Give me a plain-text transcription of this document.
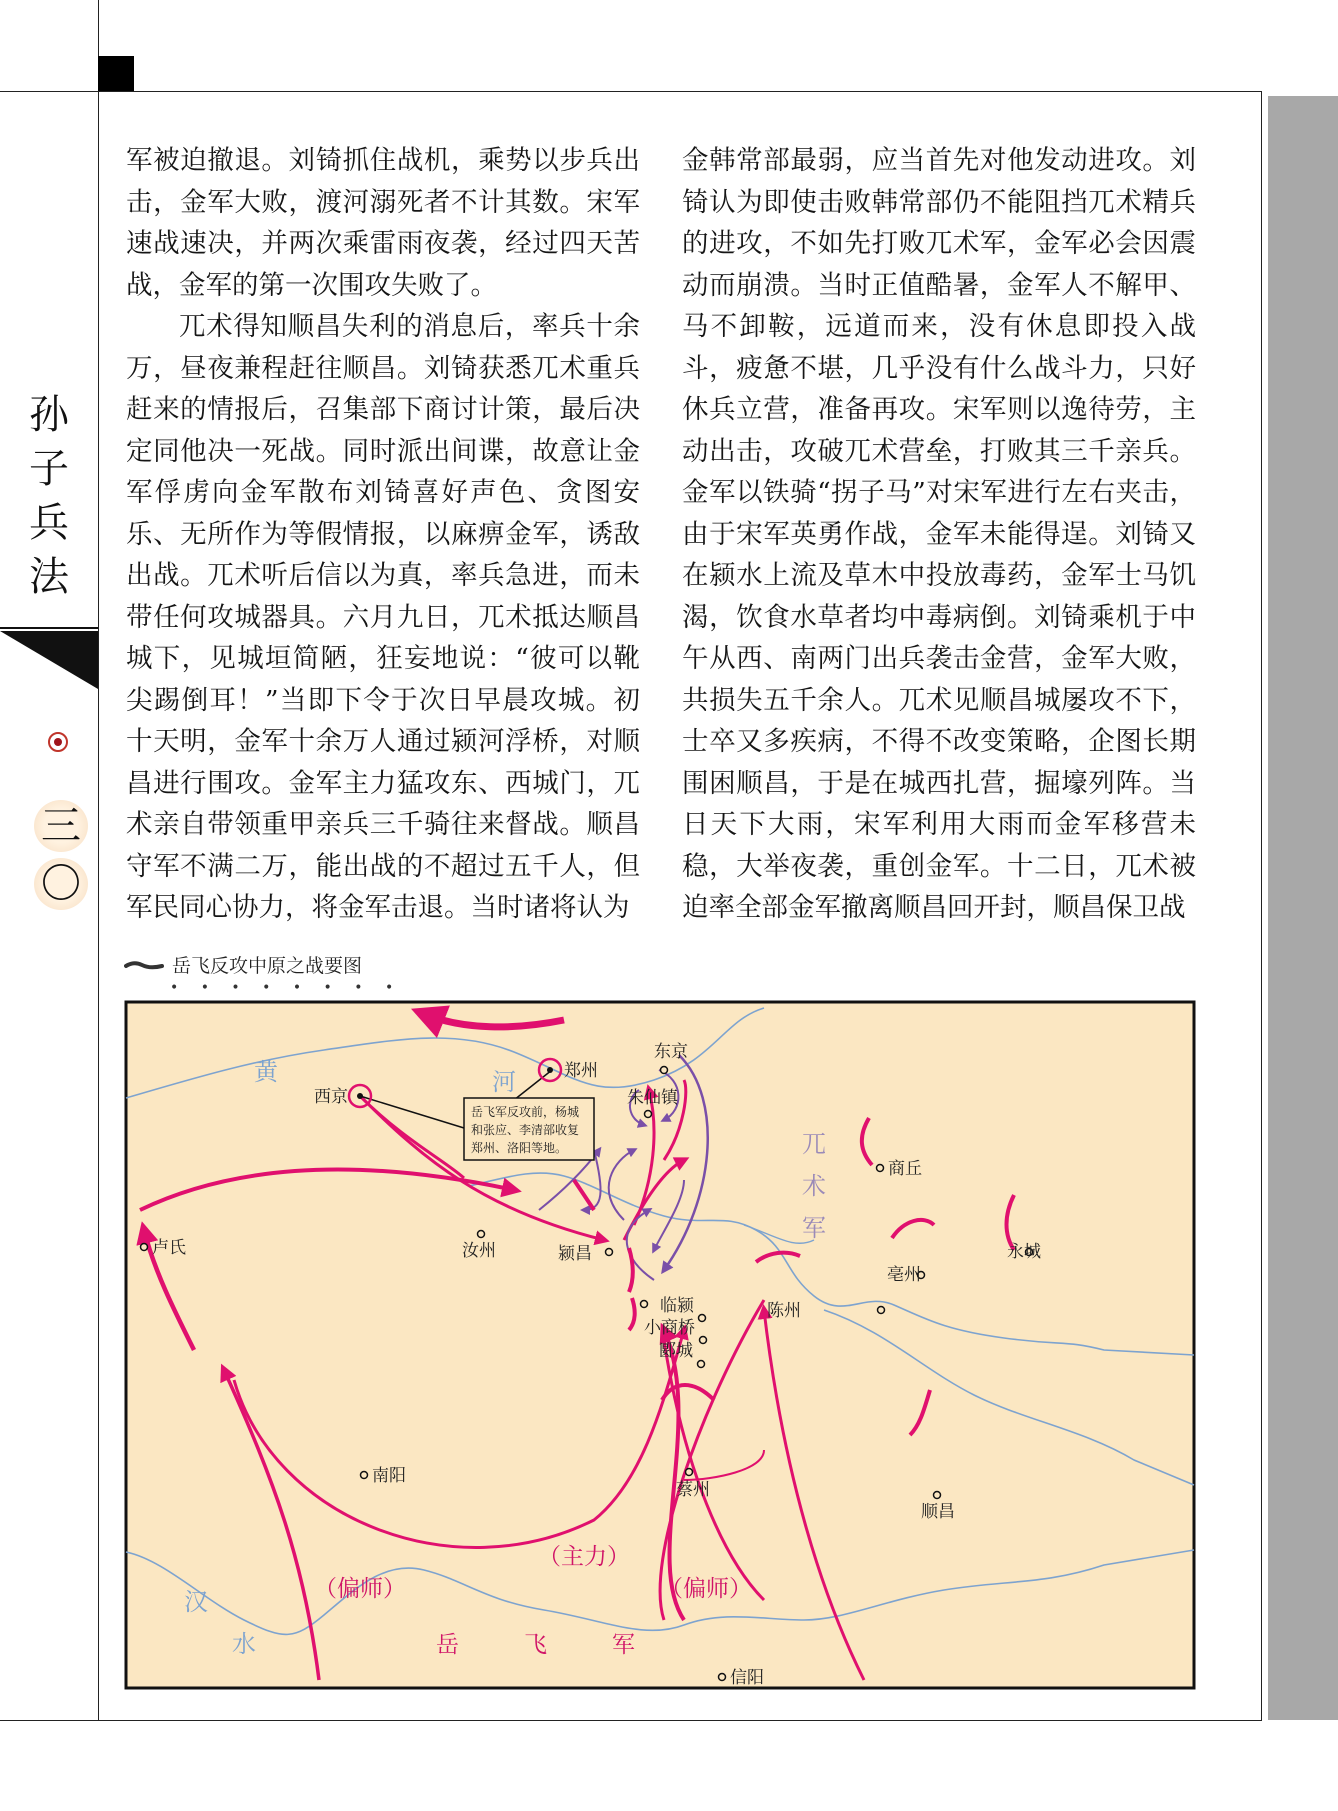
孙
子
兵
法
三
〇

军被迫撤退。刘锜抓住战机，乘势以步兵出击，金军大败，渡河溺死者不计其数。宋军速战速决，并两次乘雷雨夜袭，经过四天苦战，金军的第一次围攻失败了。

兀术得知顺昌失利的消息后，率兵十余万，昼夜兼程赶往顺昌。刘锜获悉兀术重兵赶来的情报后，召集部下商讨计策，最后决定同他决一死战。同时派出间谍，故意让金军俘虏向金军散布刘锜喜好声色、贪图安乐、无所作为等假情报，以麻痹金军，诱敌出战。兀术听后信以为真，率兵急进，而未带任何攻城器具。六月九日，兀术抵达顺昌城下，见城垣简陋，狂妄地说：“彼可以靴尖踢倒耳！”当即下令于次日早晨攻城。初十天明，金军十余万人通过颍河浮桥，对顺昌进行围攻。金军主力猛攻东、西城门，兀术亲自带领重甲亲兵三千骑往来督战。顺昌守军不满二万，能出战的不超过五千人，但军民同心协力，将金军击退。当时诸将认为

金韩常部最弱，应当首先对他发动进攻。刘锜认为即使击败韩常部仍不能阻挡兀术精兵的进攻，不如先打败兀术军，金军必会因震动而崩溃。当时正值酷暑，金军人不解甲、马不卸鞍，远道而来，没有休息即投入战斗，疲惫不堪，几乎没有什么战斗力，只好休兵立营，准备再攻。宋军则以逸待劳，主动出击，攻破兀术营垒，打败其三千亲兵。金军以铁骑“拐子马”对宋军进行左右夹击，由于宋军英勇作战，金军未能得逞。刘锜又在颍水上流及草木中投放毒药，金军士马饥渴，饮食水草者均中毒病倒。刘锜乘机于中午从西、南两门出兵袭击金营，金军大败，共损失五千余人。兀术见顺昌城屡攻不下，士卒又多疾病，不得不改变策略，企图长期围困顺昌，于是在城西扎营，掘壕列阵。当日天下大雨，宋军利用大雨而金军移营未稳，大举夜袭，重创金军。十二日，兀术被迫率全部金军撤离顺昌回开封，顺昌保卫战

岳飞反攻中原之战要图
• • • • • • • •
黄	河
汉
水
岳飞军反攻前，杨城 和张应、李清部收复 郑州、洛阳等地。
东京
郑州
西京	朱仙镇
商丘
卢氏	汝州	颍昌
临颍
小商桥
郾城
陈州
亳州
永城
南阳
蔡州
顺昌
信阳
兀
术
军
（主力）
（偏师）	（偏师）
岳	飞	军
